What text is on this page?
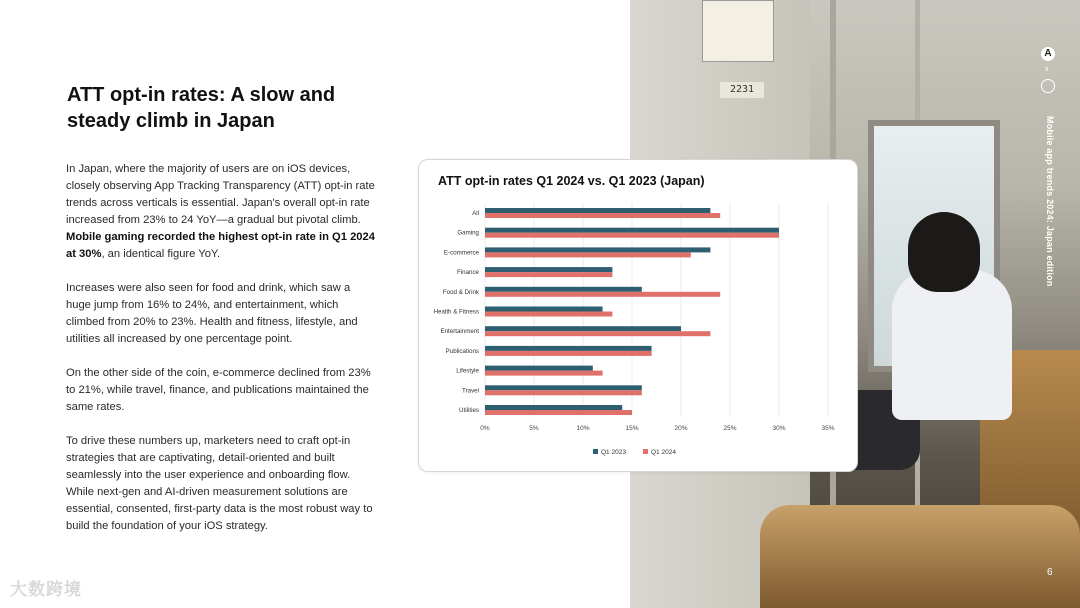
ATT opt-in rates: A slow and
steady climb in Japan

In Japan, where the majority of users are on iOS devices, closely observing App Tracking Transparency (ATT) opt-in rate trends across verticals is essential. Japan's overall opt-in rate increased from 23% to 24 YoY—a gradual but pivotal climb. Mobile gaming recorded the highest opt-in rate in Q1 2024 at 30%, an identical figure YoY.

Increases were also seen for food and drink, which saw a huge jump from 16% to 24%, and entertainment, which climbed from 20% to 23%. Health and fitness, lifestyle, and utilities all increased by one percentage point.

On the other side of the coin, e-commerce declined from 23% to 21%, while travel, finance, and publications maintained the same rates.

To drive these numbers up, marketers need to craft opt-in strategies that are captivating, detail-oriented and built seamlessly into the user experience and onboarding flow. While next-gen and AI-driven measurement solutions are essential, consented, first-party data is the most robust way to build the foundation of your iOS strategy.

2231
A
x
Mobile app trends 2024: Japan edition
6
大数跨境
ATT opt-in rates Q1 2024 vs. Q1 2023 (Japan)
0%	5%	10%	15%	20%	25%	30%	35%
All
Gaming
E-commerce
Finance
Food & Drink
Health & Fitness
Entertainment
Publications
Lifestyle
Travel
Utilities
Q1 2023	Q1 2024
